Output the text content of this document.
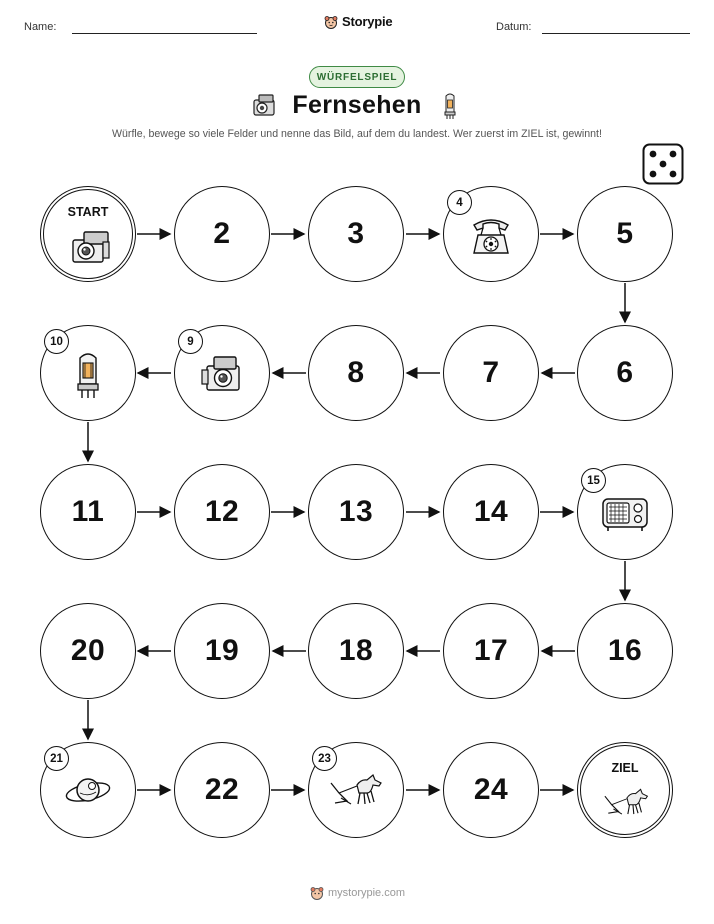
Name:	Storypie	Datum:
WÜRFELSPIEL
Fernsehen
Würfle, bewege so viele Felder und nenne das Bild, auf dem du landest. Wer zuerst im ZIEL ist, gewinnt!
START
2	3
4
5
10	9
8	7	6
11	12	13	14
15
20	19	18	17	16
21
22
23
24
ZIEL
mystorypie.com
